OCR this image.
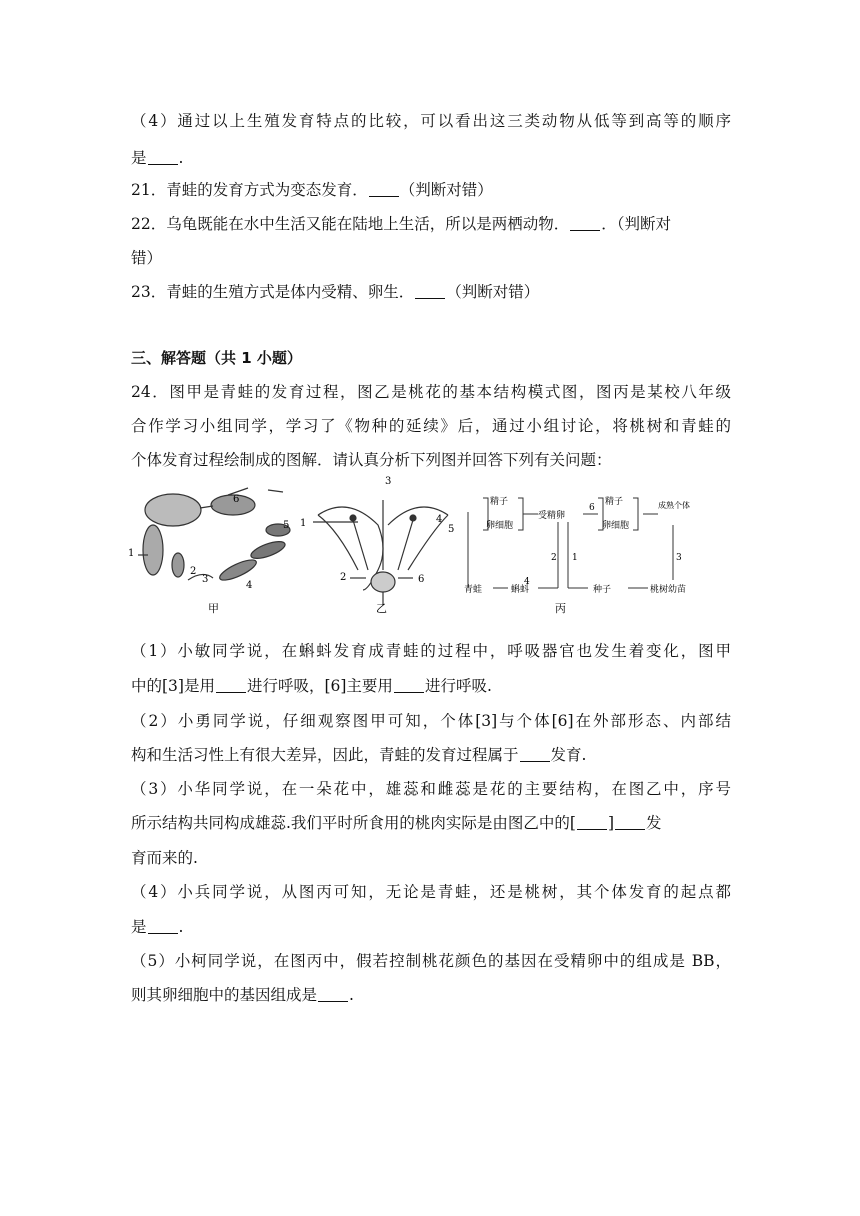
（4）通过以上生殖发育特点的比较，可以看出这三类动物从低等到高等的顺序
是 .
21．青蛙的发育方式为变态发育． （判断对错）
22．乌龟既能在水中生活又能在陆地上生活，所以是两栖动物． ．（判断对
错）
23．青蛙的生殖方式是体内受精、卵生． （判断对错）
三、解答题（共 1 小题）
24．图甲是青蛙的发育过程，图乙是桃花的基本结构模式图，图丙是某校八年级
合作学习小组同学，学习了《物种的延续》后，通过小组讨论，将桃树和青蛙的
个体发育过程绘制成的图解．请认真分析下列图并回答下列有关问题：
6
5
1
2
3
4
甲
3
1
2
4
5
6
乙
精子
卵细胞
受精卵
精子
卵细胞
成熟个体
青蛙	蝌蚪	种子	桃树幼苗
2 1	3
4
6
丙
（1）小敏同学说，在蝌蚪发育成青蛙的过程中，呼吸器官也发生着变化，图甲
中的[3]是用 进行呼吸，[6]主要用 进行呼吸.
（2）小勇同学说，仔细观察图甲可知，个体[3]与个体[6]在外部形态、内部结
构和生活习性上有很大差异，因此，青蛙的发育过程属于 发育.
（3）小华同学说，在一朵花中，雄蕊和雌蕊是花的主要结构，在图乙中，序号
所示结构共同构成雄蕊.我们平时所食用的桃肉实际是由图乙中的[ ] 发
育而来的.
（4）小兵同学说，从图丙可知，无论是青蛙，还是桃树，其个体发育的起点都
是 .
（5）小柯同学说，在图丙中，假若控制桃花颜色的基因在受精卵中的组成是 BB，
则其卵细胞中的基因组成是 .
